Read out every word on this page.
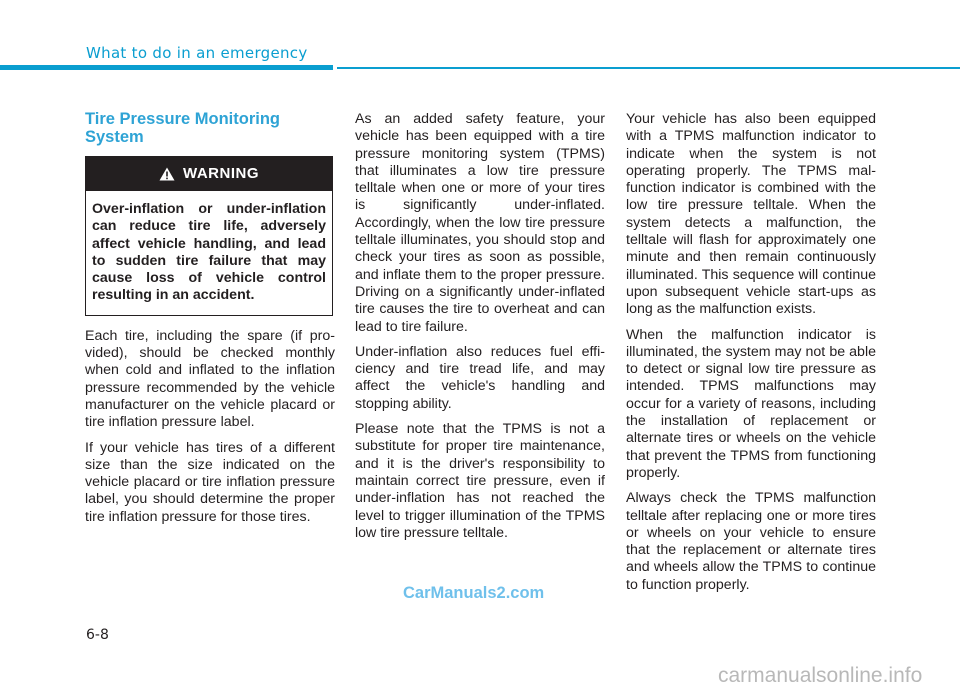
What to do in an emergency
Tire Pressure Monitoring System
WARNING
Over-inflation or under-inflation can reduce tire life, adversely affect vehicle handling, and lead to sudden tire failure that may cause loss of vehicle control resulting in an accident.

Each tire, including the spare (if provided), should be checked monthly when cold and inflated to the inflation pressure recommended by the vehicle manufacturer on the vehicle placard or tire inflation pressure label.

If your vehicle has tires of a different size than the size indicated on the vehicle placard or tire inflation pressure label, you should determine the proper tire inflation pressure for those tires.

As an added safety feature, your vehicle has been equipped with a tire pressure monitoring system (TPMS) that illuminates a low tire pressure telltale when one or more of your tires is significantly under-inflated. Accordingly, when the low tire pressure telltale illuminates, you should stop and check your tires as soon as possible, and inflate them to the proper pressure. Driving on a significantly under-inflated tire causes the tire to overheat and can lead to tire failure.

Under-inflation also reduces fuel efficiency and tire tread life, and may affect the vehicle's handling and stopping ability.

Please note that the TPMS is not a substitute for proper tire maintenance, and it is the driver's responsibility to maintain correct tire pressure, even if under-inflation has not reached the level to trigger illumination of the TPMS low tire pressure telltale.

Your vehicle has also been equipped with a TPMS malfunction indicator to indicate when the system is not operating properly. The TPMS malfunction indicator is combined with the low tire pressure telltale. When the system detects a malfunction, the telltale will flash for approximately one minute and then remain continuously illuminated. This sequence will continue upon subsequent vehicle start-ups as long as the malfunction exists.

When the malfunction indicator is illuminated, the system may not be able to detect or signal low tire pressure as intended. TPMS malfunctions may occur for a variety of reasons, including the installation of replacement or alternate tires or wheels on the vehicle that prevent the TPMS from functioning properly.

Always check the TPMS malfunction telltale after replacing one or more tires or wheels on your vehicle to ensure that the replacement or alternate tires and wheels allow the TPMS to continue to function properly.

CarManuals2.com
6-8
carmanualsonline.info
